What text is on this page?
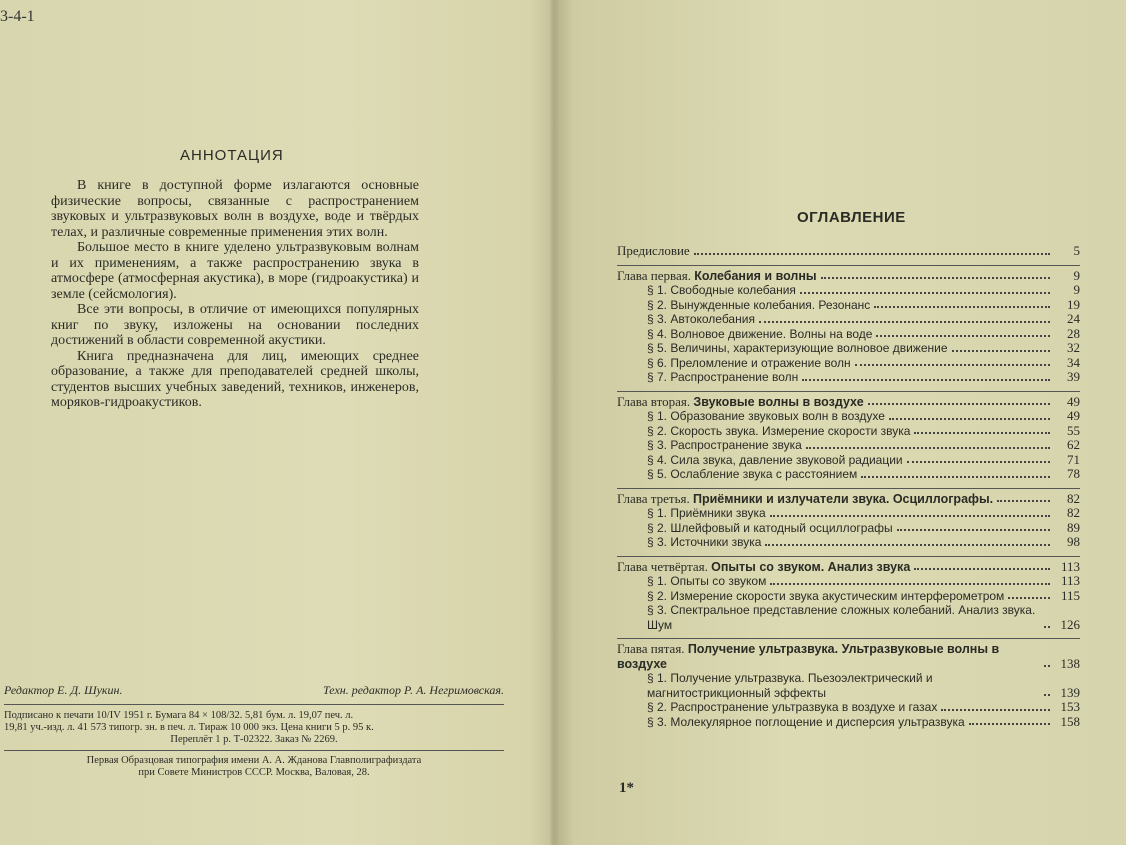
3-4-1
АННОТАЦИЯ

В книге в доступной форме излагаются основные физические вопросы, связанные с распространением звуковых и ультразвуковых волн в воздухе, воде и твёрдых телах, и различные современные применения этих волн.

Большое место в книге уделено ультразвуковым волнам и их применениям, а также распространению звука в атмосфере (атмосферная акустика), в море (гидроакустика) и земле (сейсмология).

Все эти вопросы, в отличие от имеющихся популярных книг по звуку, изложены на основании последних достижений в области современной акустики.

Книга предназначена для лиц, имеющих среднее образование, а также для преподавателей средней школы, студентов высших учебных заведений, техников, инженеров, моряков-гидроакустиков.

Редактор Е. Д. Шукин.	Техн. редактор Р. А. Негримовская.
Подписано к печати 10/IV 1951 г. Бумага 84 × 108/32. 5,81 бум. л. 19,07 печ. л.
19,81 уч.-изд. л. 41 573 типогр. зн. в печ. л. Тираж 10 000 экз. Цена книги 5 р. 95 к.
Переплёт 1 р. Т-02322. Заказ № 2269.
Первая Образцовая типография имени А. А. Жданова Главполиграфиздата
при Совете Министров СССР. Москва, Валовая, 28.
ОГЛАВЛЕНИЕ
Предисловие	5
Глава первая. Колебания и волны	9
§ 1. Свободные колебания	9
§ 2. Вынужденные колебания. Резонанс	19
§ 3. Автоколебания	24
§ 4. Волновое движение. Волны на воде	28
§ 5. Величины, характеризующие волновое движение	32
§ 6. Преломление и отражение волн	34
§ 7. Распространение волн	39
Глава вторая. Звуковые волны в воздухе	49
§ 1. Образование звуковых волн в воздухе	49
§ 2. Скорость звука. Измерение скорости звука	55
§ 3. Распространение звука	62
§ 4. Сила звука, давление звуковой радиации	71
§ 5. Ослабление звука с расстоянием	78
Глава третья. Приёмники и излучатели звука. Осциллографы.	82
§ 1. Приёмники звука	82
§ 2. Шлейфовый и катодный осциллографы	89
§ 3. Источники звука	98
Глава четвёртая. Опыты со звуком. Анализ звука	113
§ 1. Опыты со звуком	113
§ 2. Измерение скорости звука акустическим интерферометром	115
§ 3. Спектральное представление сложных колебаний. Анализ звука. Шум	126
Глава пятая. Получение ультразвука. Ультразвуковые волны в воздухе	138
§ 1. Получение ультразвука. Пьезоэлектрический и магнитострикционный эффекты	139
§ 2. Распространение ультразвука в воздухе и газах	153
§ 3. Молекулярное поглощение и дисперсия ультразвука	158
1*
